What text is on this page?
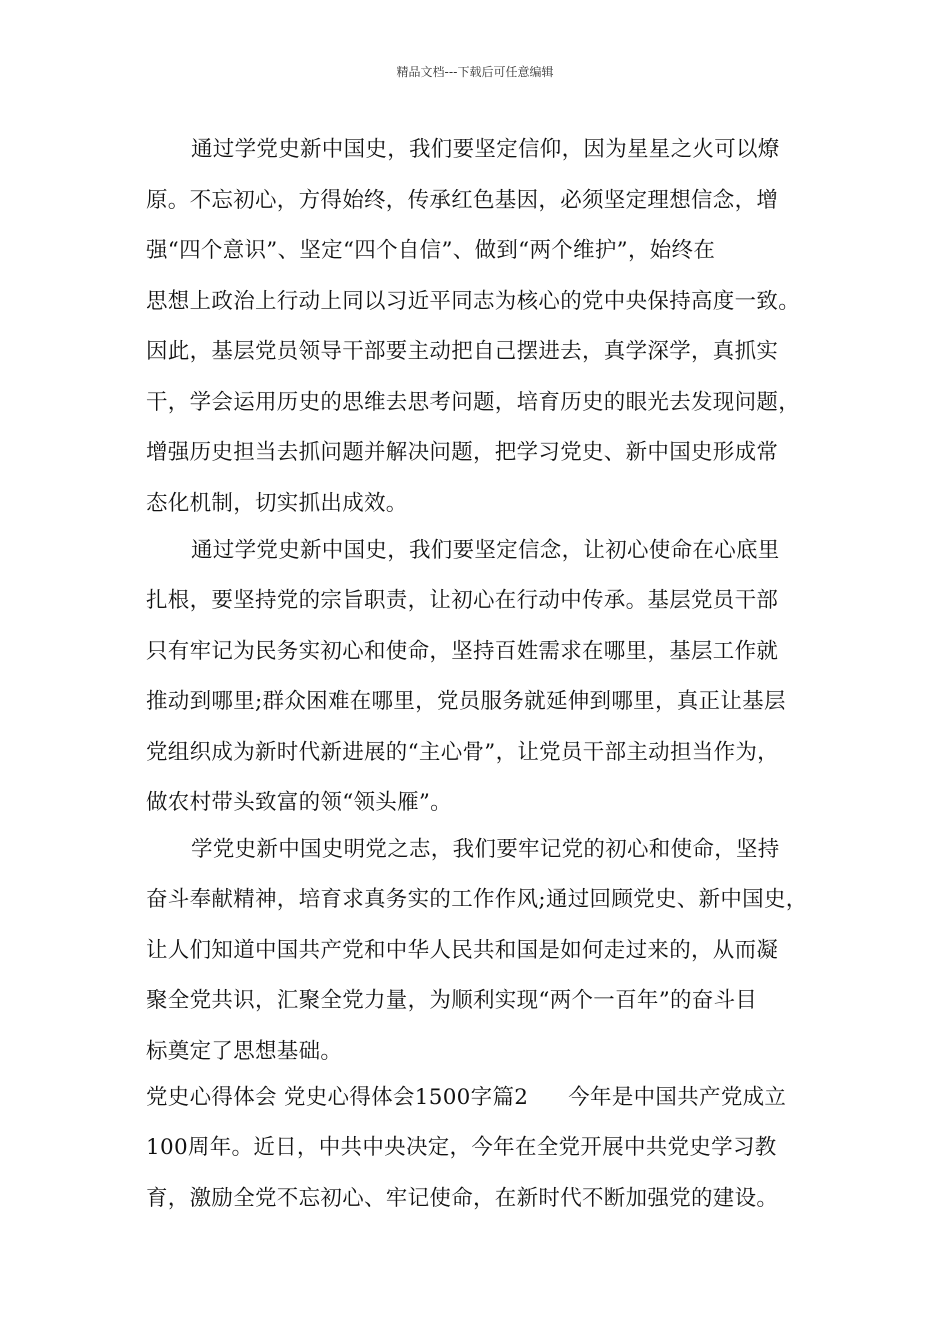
精品文档---下载后可任意编辑
通过学党史新中国史，我们要坚定信仰，因为星星之火可以燎
原。不忘初心，方得始终，传承红色基因，必须坚定理想信念，增
强“四个意识”、坚定“四个自信”、做到“两个维护”，始终在
思想上政治上行动上同以习近平同志为核心的党中央保持高度一致。
因此，基层党员领导干部要主动把自己摆进去，真学深学，真抓实
干，学会运用历史的思维去思考问题，培育历史的眼光去发现问题，
增强历史担当去抓问题并解决问题，把学习党史、新中国史形成常
态化机制，切实抓出成效。
通过学党史新中国史，我们要坚定信念，让初心使命在心底里
扎根，要坚持党的宗旨职责，让初心在行动中传承。基层党员干部
只有牢记为民务实初心和使命，坚持百姓需求在哪里，基层工作就
推动到哪里;群众困难在哪里，党员服务就延伸到哪里，真正让基层
党组织成为新时代新进展的“主心骨”，让党员干部主动担当作为，
做农村带头致富的领“领头雁”。
学党史新中国史明党之志，我们要牢记党的初心和使命，坚持
奋斗奉献精神，培育求真务实的工作作风;通过回顾党史、新中国史，
让人们知道中国共产党和中华人民共和国是如何走过来的，从而凝
聚全党共识，汇聚全党力量，为顺利实现“两个一百年”的奋斗目
标奠定了思想基础。
党史心得体会 党史心得体会1500字篇2 今年是中国共产党成立
100周年。近日，中共中央决定，今年在全党开展中共党史学习教
育，激励全党不忘初心、牢记使命，在新时代不断加强党的建设。
